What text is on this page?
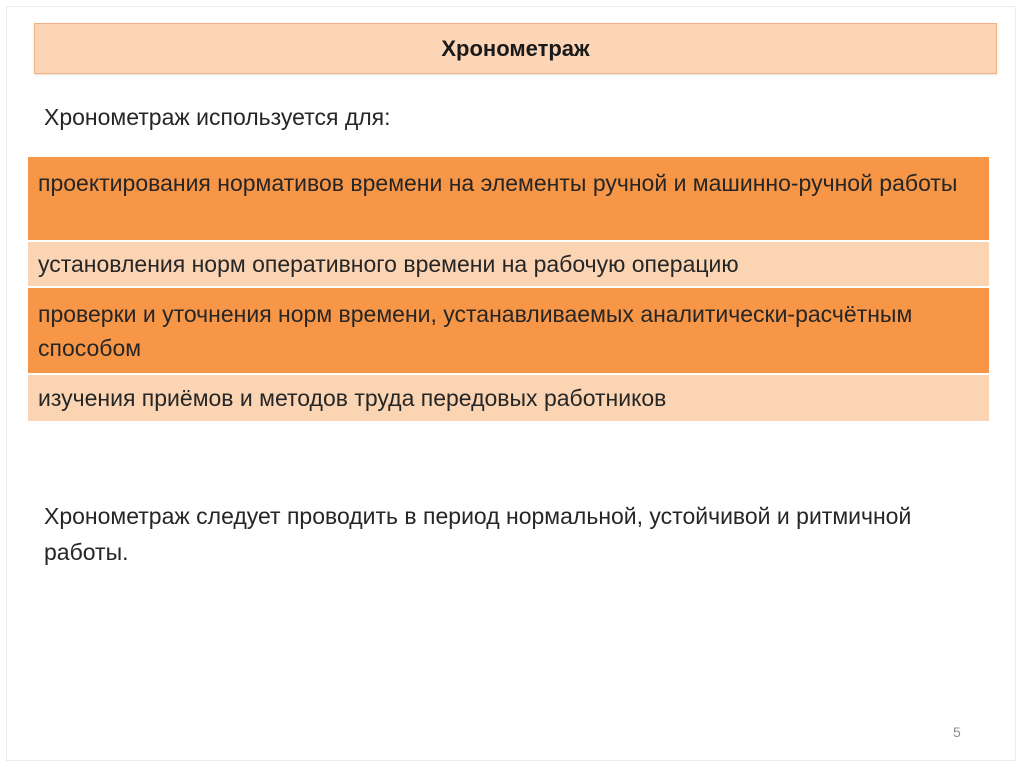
Хронометраж
Хронометраж используется для:
проектирования нормативов времени на элементы ручной и машинно-ручной работы
установления норм оперативного времени на рабочую операцию
проверки и уточнения норм времени, устанавливаемых аналитически-расчётным способом
изучения приёмов и методов труда передовых работников
Хронометраж следует проводить в период нормальной, устойчивой и ритмичной работы.
5
